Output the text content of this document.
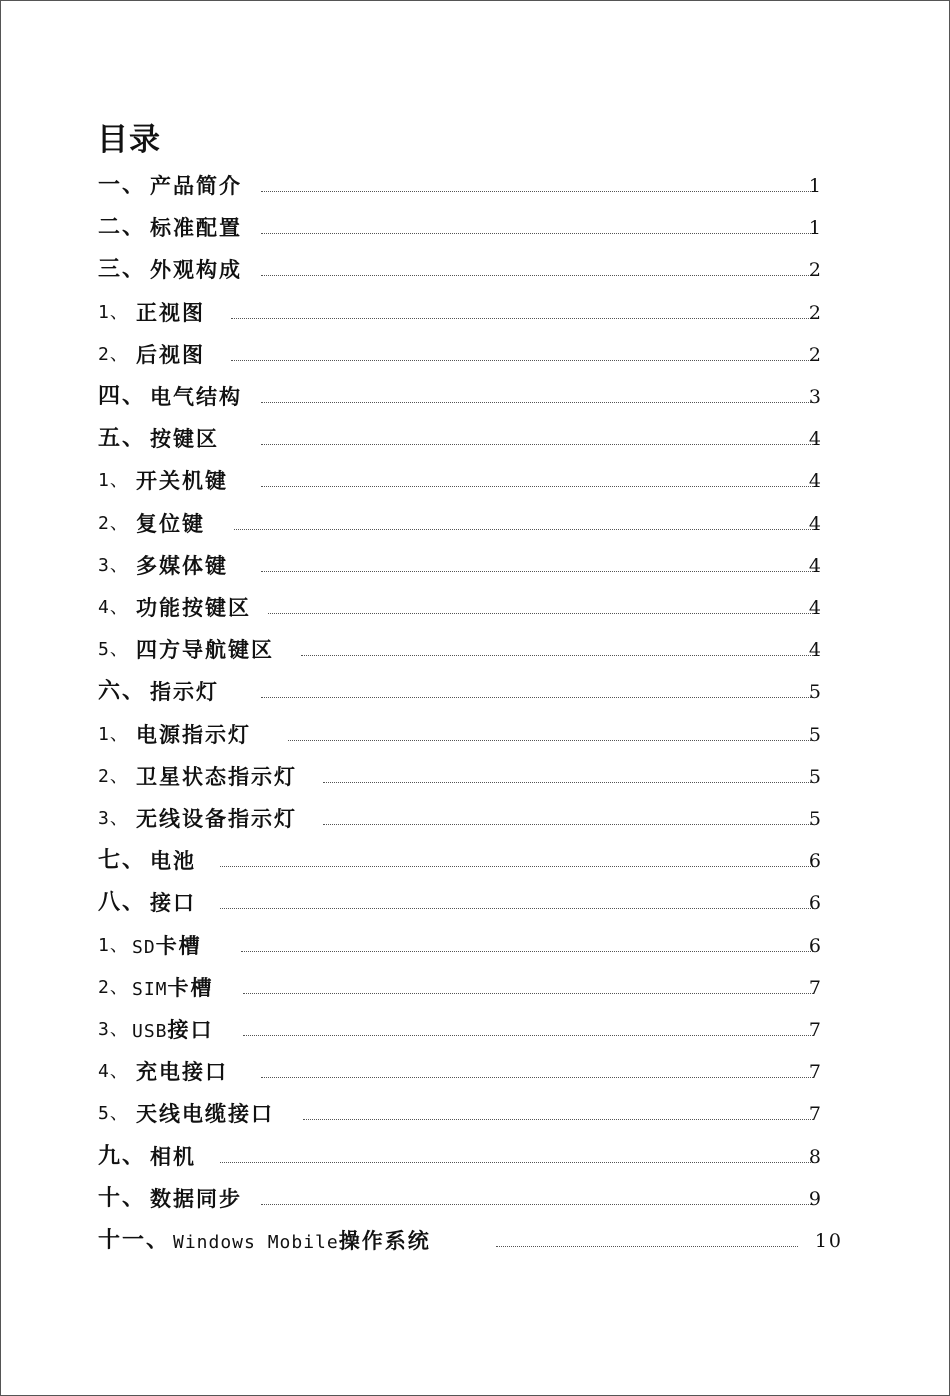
目录
一、 产品简介	1
二、 标准配置	1
三、 外观构成	2
1、 正视图	2
2、 后视图	2
四、 电气结构	3
五、 按键区	4
1、 开关机键	4
2、 复位键	4
3、 多媒体键	4
4、 功能按键区	4
5、 四方导航键区	4
六、 指示灯	5
1、 电源指示灯	5
2、 卫星状态指示灯	5
3、 无线设备指示灯	5
七、 电池	6
八、 接口	6
1、 SD卡槽	6
2、 SIM卡槽	7
3、 USB接口	7
4、 充电接口	7
5、 天线电缆接口	7
九、 相机	8
十、 数据同步	9
十一、 Windows Mobile操作系统	10
